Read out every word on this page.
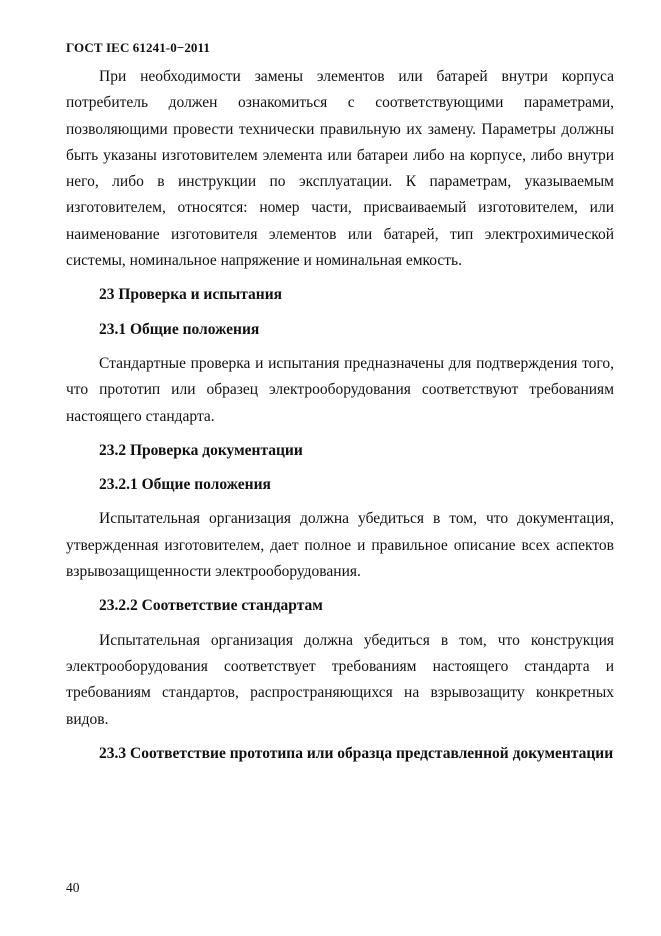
ГОСТ IEC 61241-0−2011

При необходимости замены элементов или батарей внутри корпуса потребитель должен ознакомиться с соответствующими параметрами, позволяющими провести технически правильную их замену. Параметры должны быть указаны изготовителем элемента или батареи либо на корпусе, либо внутри него, либо в инструкции по эксплуатации. К параметрам, указываемым изготовителем, относятся: номер части, присваиваемый изготовителем, или наименование изготовителя элементов или батарей, тип электрохимической системы, номинальное напряжение и номинальная емкость.

23 Проверка и испытания
23.1 Общие положения

Стандартные проверка и испытания предназначены для подтверждения того, что прототип или образец электрооборудования соответствуют требованиям настоящего стандарта.

23.2 Проверка документации
23.2.1 Общие положения

Испытательная организация должна убедиться в том, что документация, утвержденная изготовителем, дает полное и правильное описание всех аспектов взрывозащищенности электрооборудования.

23.2.2 Соответствие стандартам

Испытательная организация должна убедиться в том, что конструкция электрооборудования соответствует требованиям настоящего стандарта и требованиям стандартов, распространяющихся на взрывозащиту конкретных видов.

23.3 Соответствие прототипа или образца представленной документации
40
